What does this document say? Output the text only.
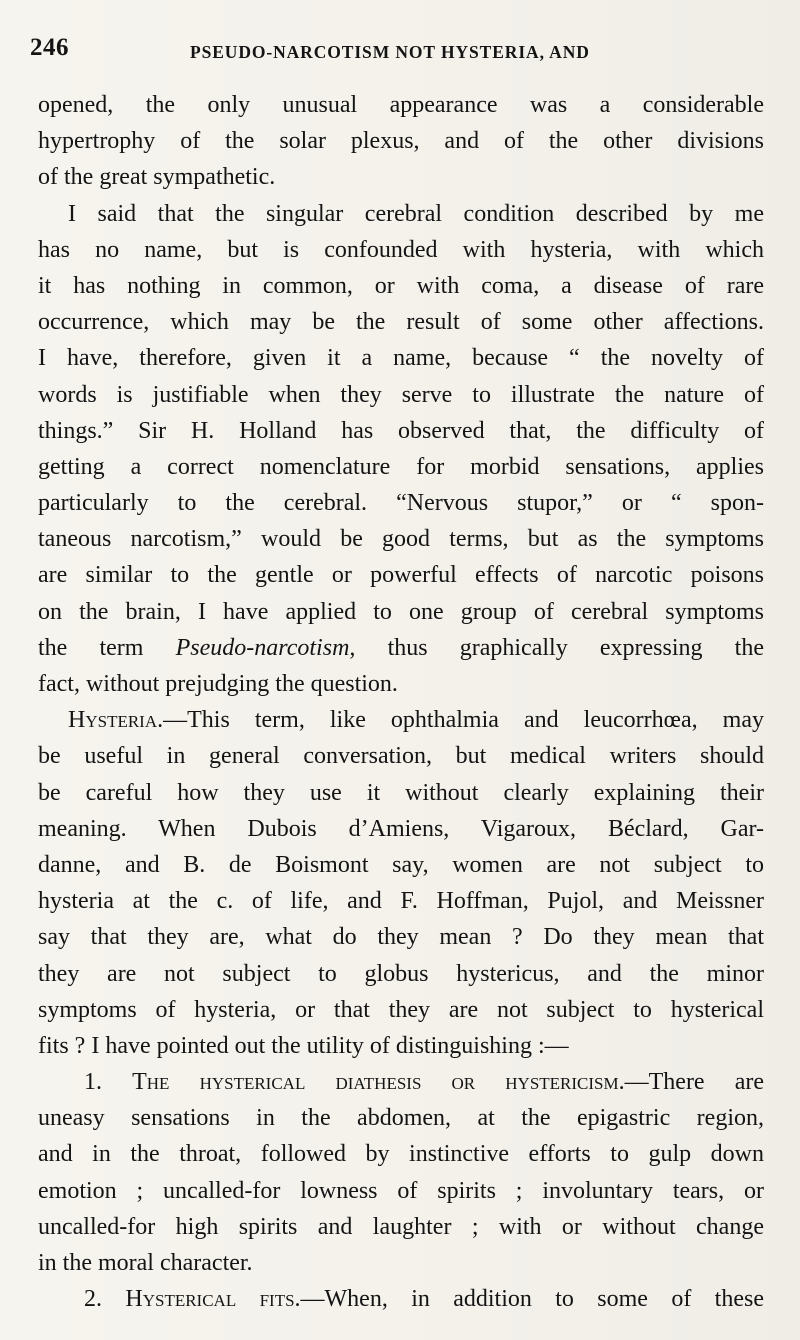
246	PSEUDO-NARCOTISM NOT HYSTERIA, AND
opened, the only unusual appearance was a considerable
hypertrophy of the solar plexus, and of the other divisions
of the great sympathetic.
I said that the singular cerebral condition described by me
has no name, but is confounded with hysteria, with which
it has nothing in common, or with coma, a disease of rare
occurrence, which may be the result of some other affections.
I have, therefore, given it a name, because “ the novelty of
words is justifiable when they serve to illustrate the nature of
things.” Sir H. Holland has observed that, the difficulty of
getting a correct nomenclature for morbid sensations, applies
particularly to the cerebral. “Nervous stupor,” or “ spon-
taneous narcotism,” would be good terms, but as the symptoms
are similar to the gentle or powerful effects of narcotic poisons
on the brain, I have applied to one group of cerebral symptoms
the term Pseudo-narcotism, thus graphically expressing the
fact, without prejudging the question.
Hysteria.—This term, like ophthalmia and leucorrhœa, may
be useful in general conversation, but medical writers should
be careful how they use it without clearly explaining their
meaning. When Dubois d’Amiens, Vigaroux, Béclard, Gar-
danne, and B. de Boismont say, women are not subject to
hysteria at the c. of life, and F. Hoffman, Pujol, and Meissner
say that they are, what do they mean ? Do they mean that
they are not subject to globus hystericus, and the minor
symptoms of hysteria, or that they are not subject to hysterical
fits ? I have pointed out the utility of distinguishing :—
1. The hysterical diathesis or hystericism.—There are
uneasy sensations in the abdomen, at the epigastric region,
and in the throat, followed by instinctive efforts to gulp down
emotion ; uncalled-for lowness of spirits ; involuntary tears, or
uncalled-for high spirits and laughter ; with or without change
in the moral character.
2. Hysterical fits.—When, in addition to some of these
